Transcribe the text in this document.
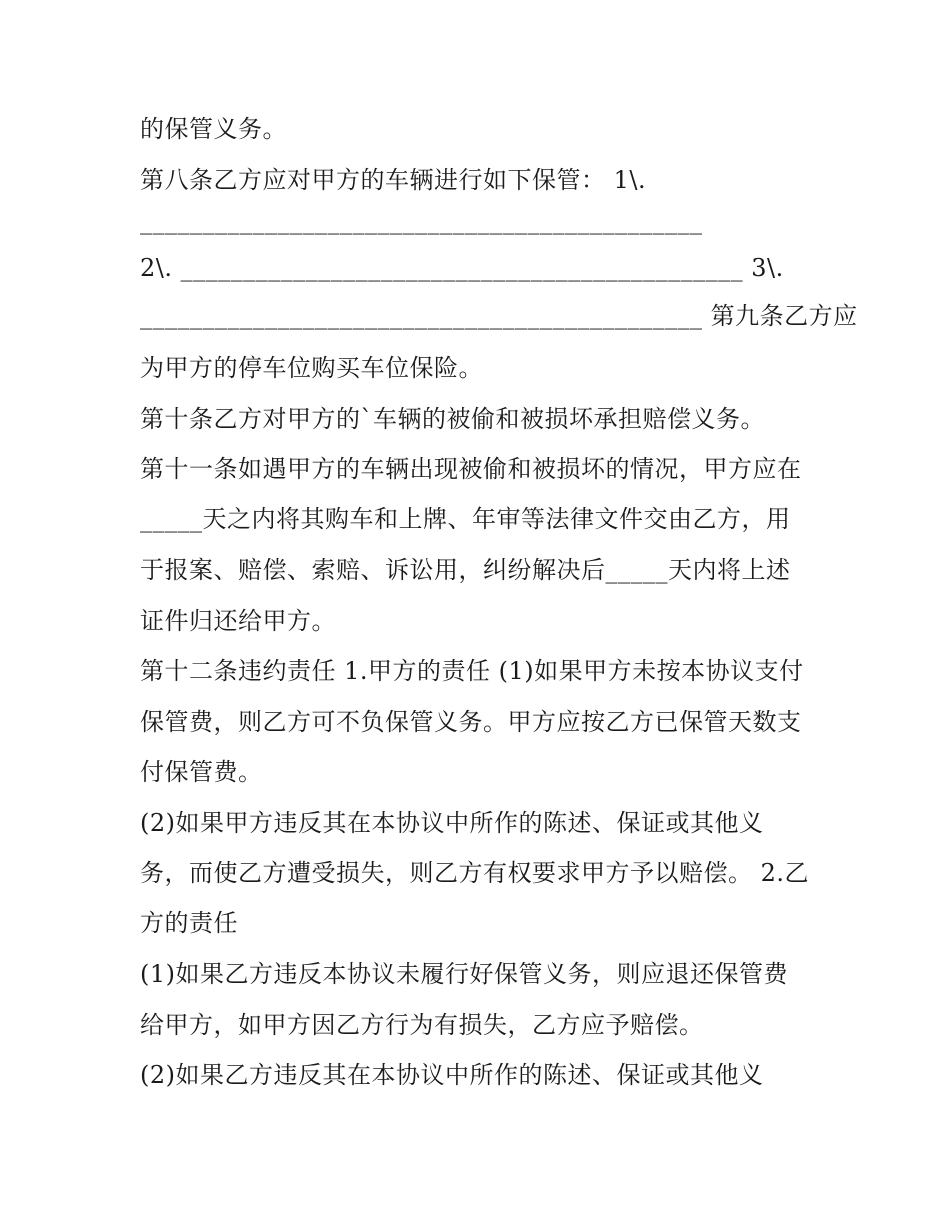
的保管义务。

第八条乙方应对甲方的车辆进行如下保管： 1\.

_____________________________________________

2\. _____________________________________________ 3\.

_____________________________________________ 第九条乙方应

为甲方的停车位购买车位保险。

第十条乙方对甲方的`车辆的被偷和被损坏承担赔偿义务。

第十一条如遇甲方的车辆出现被偷和被损坏的情况，甲方应在

_____天之内将其购车和上牌、年审等法律文件交由乙方，用

于报案、赔偿、索赔、诉讼用，纠纷解决后_____天内将上述

证件归还给甲方。

第十二条违约责任 1.甲方的责任 (1)如果甲方未按本协议支付

保管费，则乙方可不负保管义务。甲方应按乙方已保管天数支

付保管费。

(2)如果甲方违反其在本协议中所作的陈述、保证或其他义

务，而使乙方遭受损失，则乙方有权要求甲方予以赔偿。 2.乙

方的责任

(1)如果乙方违反本协议未履行好保管义务，则应退还保管费

给甲方，如甲方因乙方行为有损失，乙方应予赔偿。

(2)如果乙方违反其在本协议中所作的陈述、保证或其他义
